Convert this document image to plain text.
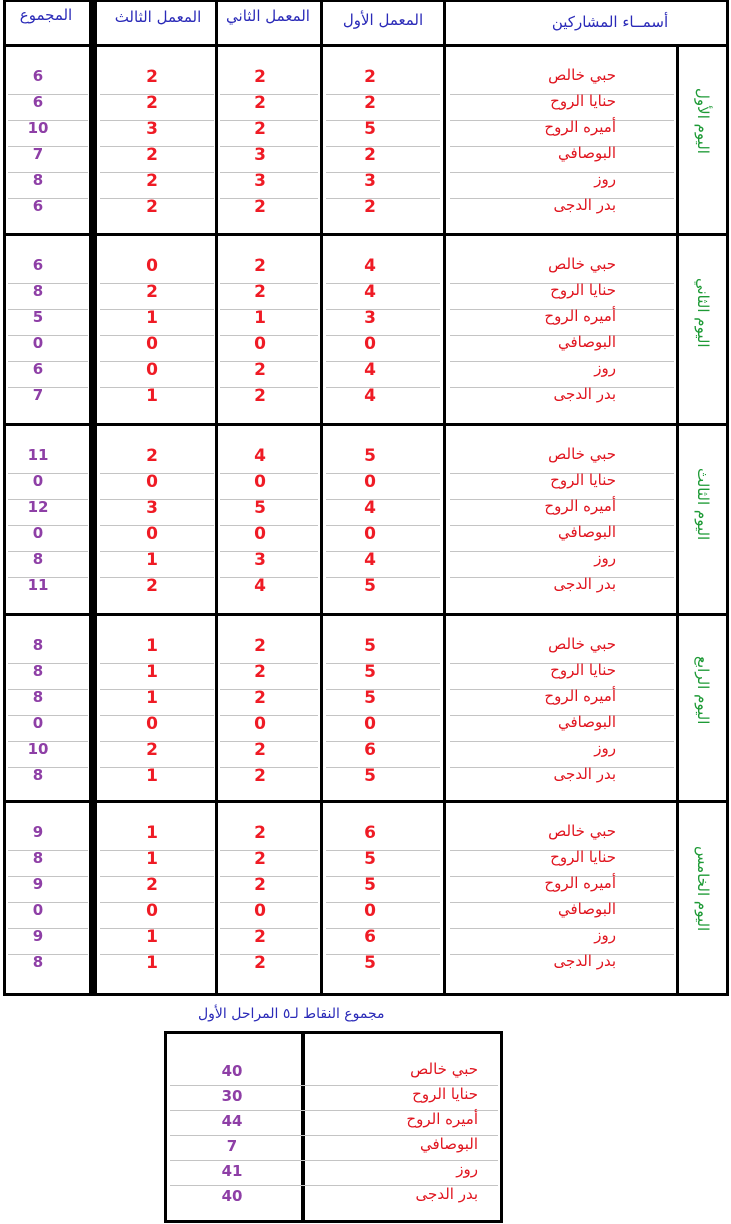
المجموع	المعمل الثالث المعمل الثاني المعمل الأول	أسمــاء المشاركين
اليوم الأول
حبي خالص
2
2
2
6
حنايا الروح
2
2
2
6
أميره الروح
5
2
3
10
البوصافي
2
3
2
7
روز
3
3
2
8
بدر الدجى
2
2
2
6
اليوم الثاني
حبي خالص
4
2
0
6
حنايا الروح
4
2
2
8
أميره الروح
3
1
1
5
البوصافي
0
0
0
0
روز
4
2
0
6
بدر الدجى
4
2
1
7
اليوم الثالث
حبي خالص
5
4
2
11
حنايا الروح
0
0
0
0
أميره الروح
4
5
3
12
البوصافي
0
0
0
0
روز
4
3
1
8
بدر الدجى
5
4
2
11
اليوم الرابع
حبي خالص
5
2
1
8
حنايا الروح
5
2
1
8
أميره الروح
5
2
1
8
البوصافي
0
0
0
0
روز
6
2
2
10
بدر الدجى
5
2
1
8
اليوم الخامس
حبي خالص
6
2
1
9
حنايا الروح
5
2
1
8
أميره الروح
5
2
2
9
البوصافي
0
0
0
0
روز
6
2
1
9
بدر الدجى
5
2
1
8
مجموع النقاط لـ٥ المراحل الأول
حبي خالص
40
حنايا الروح
30
أميره الروح
44
البوصافي
7
روز
41
بدر الدجى
40
